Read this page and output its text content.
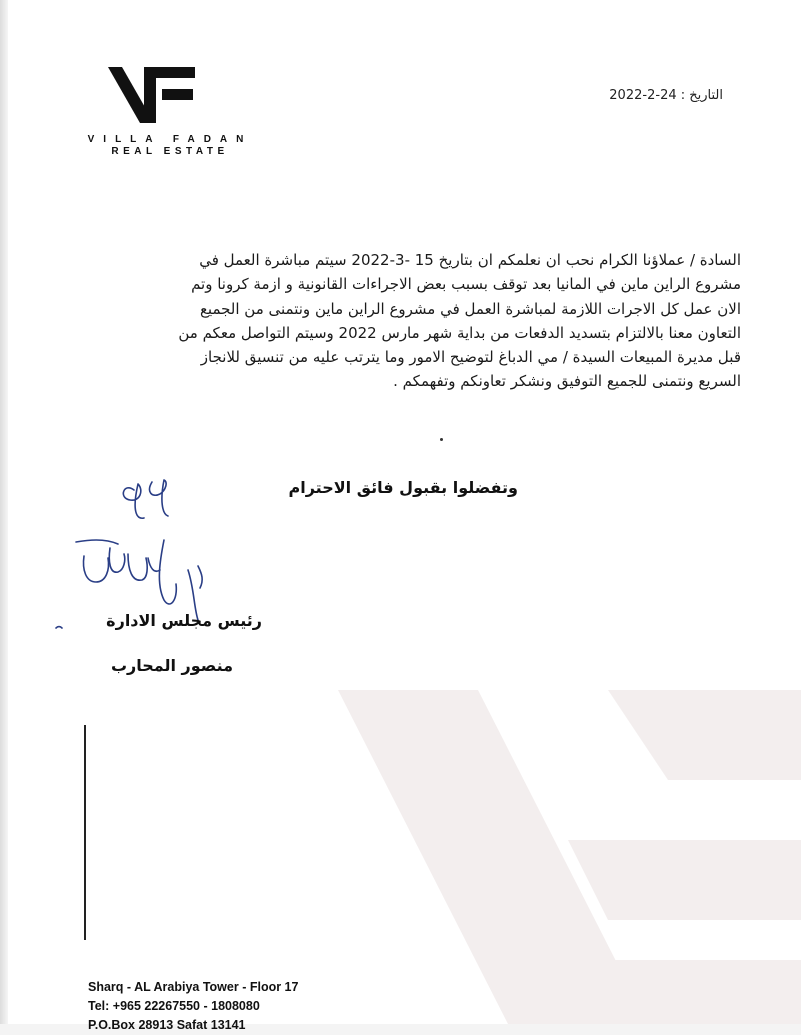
VILLA FADAN
REAL ESTATE
التاريخ : 24-2-2022

السادة / عملاؤنا الكرام نحب ان نعلمكم ان بتاريخ 15 -3-2022 سيتم مباشرة العمل في

مشروع الراين ماين في المانيا بعد توقف بسبب بعض الاجراءات القانونية و ازمة كرونا وتم

الان عمل كل الاجرات اللازمة لمباشرة العمل في مشروع الراين ماين ونتمنى من الجميع

التعاون معنا بالالتزام بتسديد الدفعات من بداية شهر مارس 2022 وسيتم التواصل معكم من

قبل مديرة المبيعات السيدة / مي الدباغ لتوضيح الامور وما يترتب عليه من تنسيق للانجاز

السريع ونتمنى للجميع التوفيق ونشكر تعاونكم وتفهمكم .

وتفضلوا بقبول فائق الاحترام
رئيس مجلس الادارة
منصور المحارب
Sharq - AL Arabiya Tower - Floor 17
Tel: +965 22267550 - 1808080
P.O.Box 28913 Safat 13141
